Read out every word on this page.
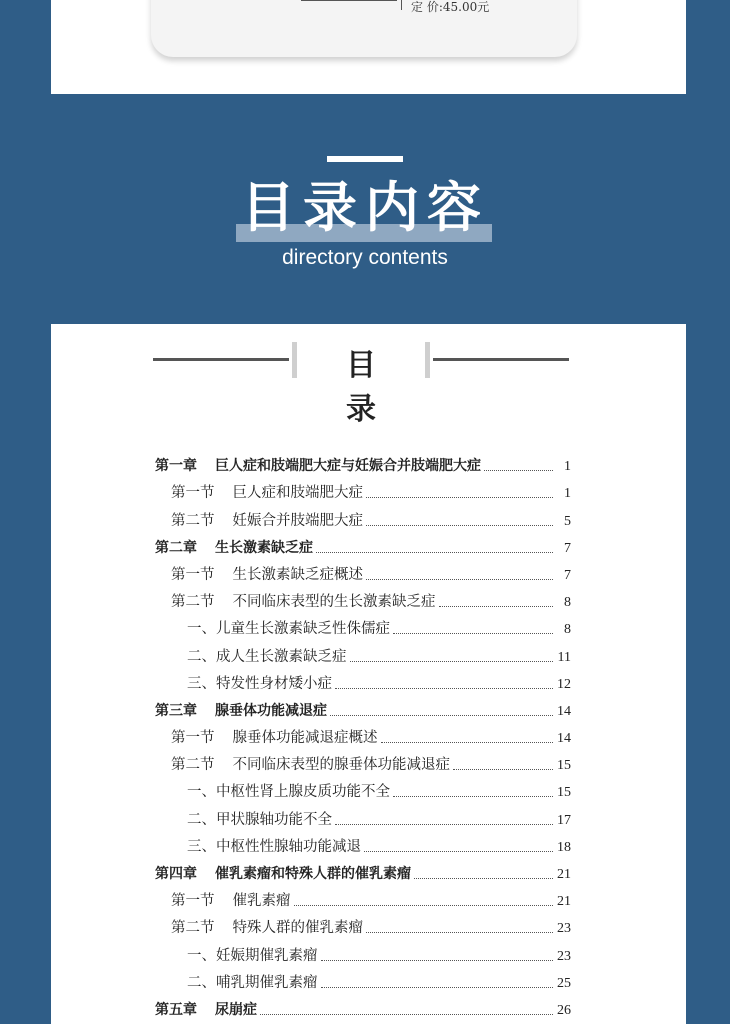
定 价:45.00元
目录内容
directory contents
目录
第一章 巨人症和肢端肥大症与妊娠合并肢端肥大症	1
第一节 巨人症和肢端肥大症	1
第二节 妊娠合并肢端肥大症	5
第二章 生长激素缺乏症	7
第一节 生长激素缺乏症概述	7
第二节 不同临床表型的生长激素缺乏症	8
一、 儿童生长激素缺乏性侏儒症	8
二、 成人生长激素缺乏症	11
三、 特发性身材矮小症	12
第三章 腺垂体功能减退症	14
第一节 腺垂体功能减退症概述	14
第二节 不同临床表型的腺垂体功能减退症	15
一、 中枢性肾上腺皮质功能不全	15
二、 甲状腺轴功能不全	17
三、 中枢性性腺轴功能减退	18
第四章 催乳素瘤和特殊人群的催乳素瘤	21
第一节 催乳素瘤	21
第二节 特殊人群的催乳素瘤	23
一、 妊娠期催乳素瘤	23
二、 哺乳期催乳素瘤	25
第五章 尿崩症	26
